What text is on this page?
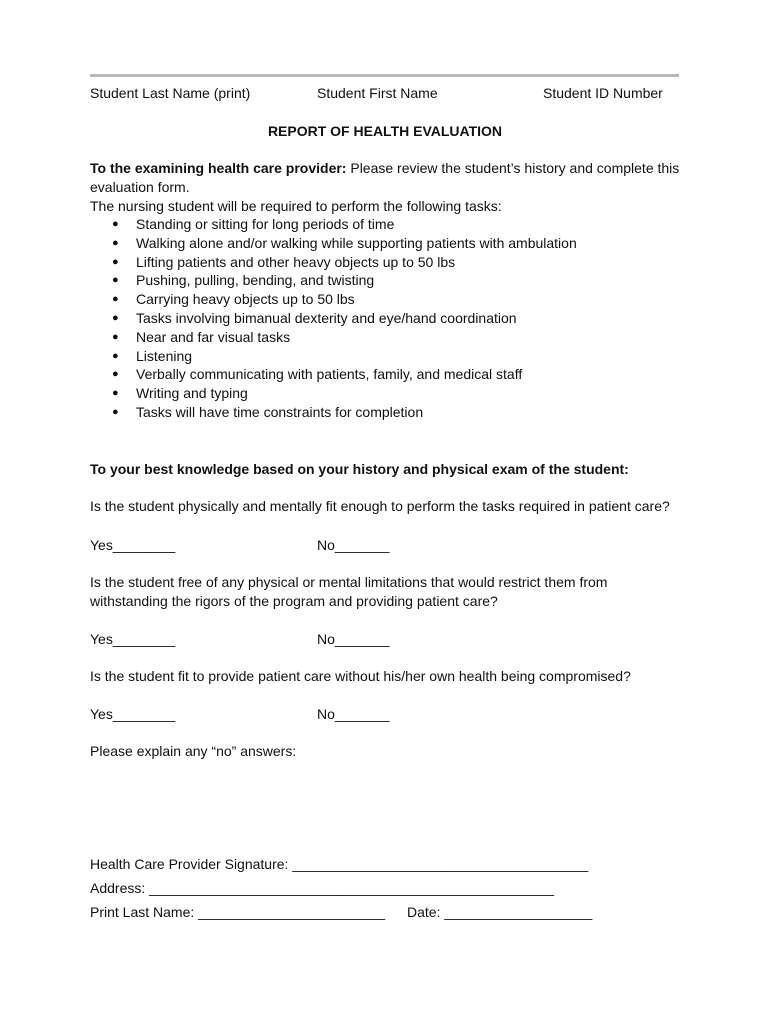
Student Last Name (print)	Student First Name	Student ID Number
REPORT OF HEALTH EVALUATION
To the examining health care provider: Please review the student’s history and complete this
evaluation form.
The nursing student will be required to perform the following tasks:
● Standing or sitting for long periods of time
● Walking alone and/or walking while supporting patients with ambulation
● Lifting patients and other heavy objects up to 50 lbs
● Pushing, pulling, bending, and twisting
● Carrying heavy objects up to 50 lbs
● Tasks involving bimanual dexterity and eye/hand coordination
● Near and far visual tasks
● Listening
● Verbally communicating with patients, family, and medical staff
● Writing and typing
● Tasks will have time constraints for completion
To your best knowledge based on your history and physical exam of the student:
Is the student physically and mentally fit enough to perform the tasks required in patient care?
Yes________	No_______
Is the student free of any physical or mental limitations that would restrict them from
withstanding the rigors of the program and providing patient care?
Yes________	No_______
Is the student fit to provide patient care without his/her own health being compromised?
Yes________	No_______
Please explain any “no” answers:
Health Care Provider Signature: ______________________________________
Address: ____________________________________________________
Print Last Name: ________________________ Date: ___________________
